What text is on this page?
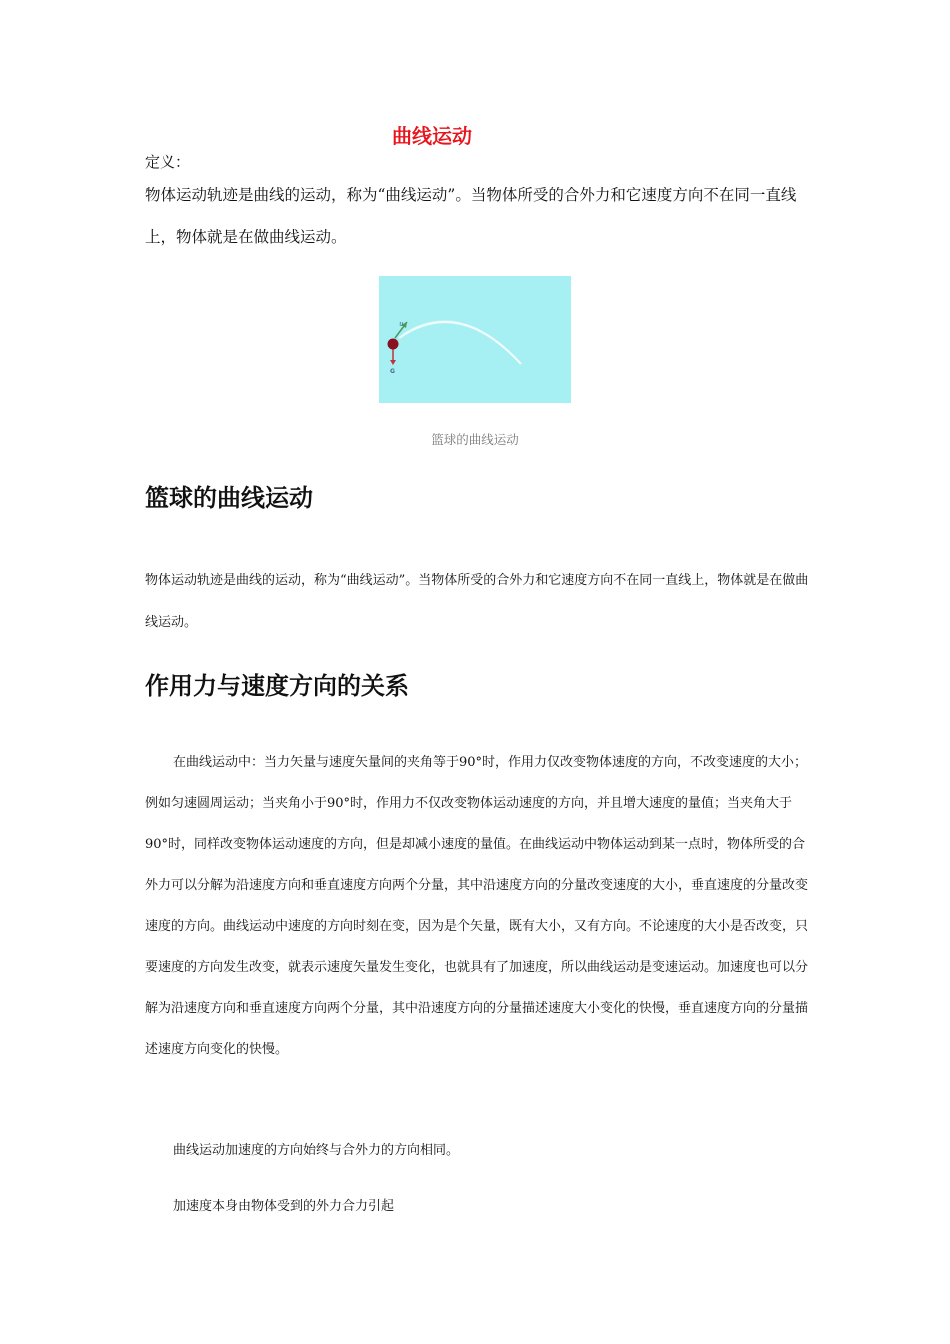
曲线运动
定义：

物体运动轨迹是曲线的运动，称为“曲线运动”。当物体所受的合外力和它速度方向不在同一直线上，物体就是在做曲线运动。

υ
G
篮球的曲线运动
篮球的曲线运动

物体运动轨迹是曲线的运动，称为“曲线运动”。当物体所受的合外力和它速度方向不在同一直线上，物体就是在做曲线运动。

作用力与速度方向的关系

在曲线运动中：当力矢量与速度矢量间的夹角等于90°时，作用力仅改变物体速度的方向，不改变速度的大小；例如匀速圆周运动；当夹角小于90°时，作用力不仅改变物体运动速度的方向，并且增大速度的量值；当夹角大于90°时，同样改变物体运动速度的方向，但是却减小速度的量值。在曲线运动中物体运动到某一点时，物体所受的合外力可以分解为沿速度方向和垂直速度方向两个分量，其中沿速度方向的分量改变速度的大小，垂直速度的分量改变速度的方向。曲线运动中速度的方向时刻在变，因为是个矢量，既有大小，又有方向。不论速度的大小是否改变，只要速度的方向发生改变，就表示速度矢量发生变化，也就具有了加速度，所以曲线运动是变速运动。加速度也可以分解为沿速度方向和垂直速度方向两个分量，其中沿速度方向的分量描述速度大小变化的快慢，垂直速度方向的分量描述速度方向变化的快慢。

曲线运动加速度的方向始终与合外力的方向相同。

加速度本身由物体受到的外力合力引起
